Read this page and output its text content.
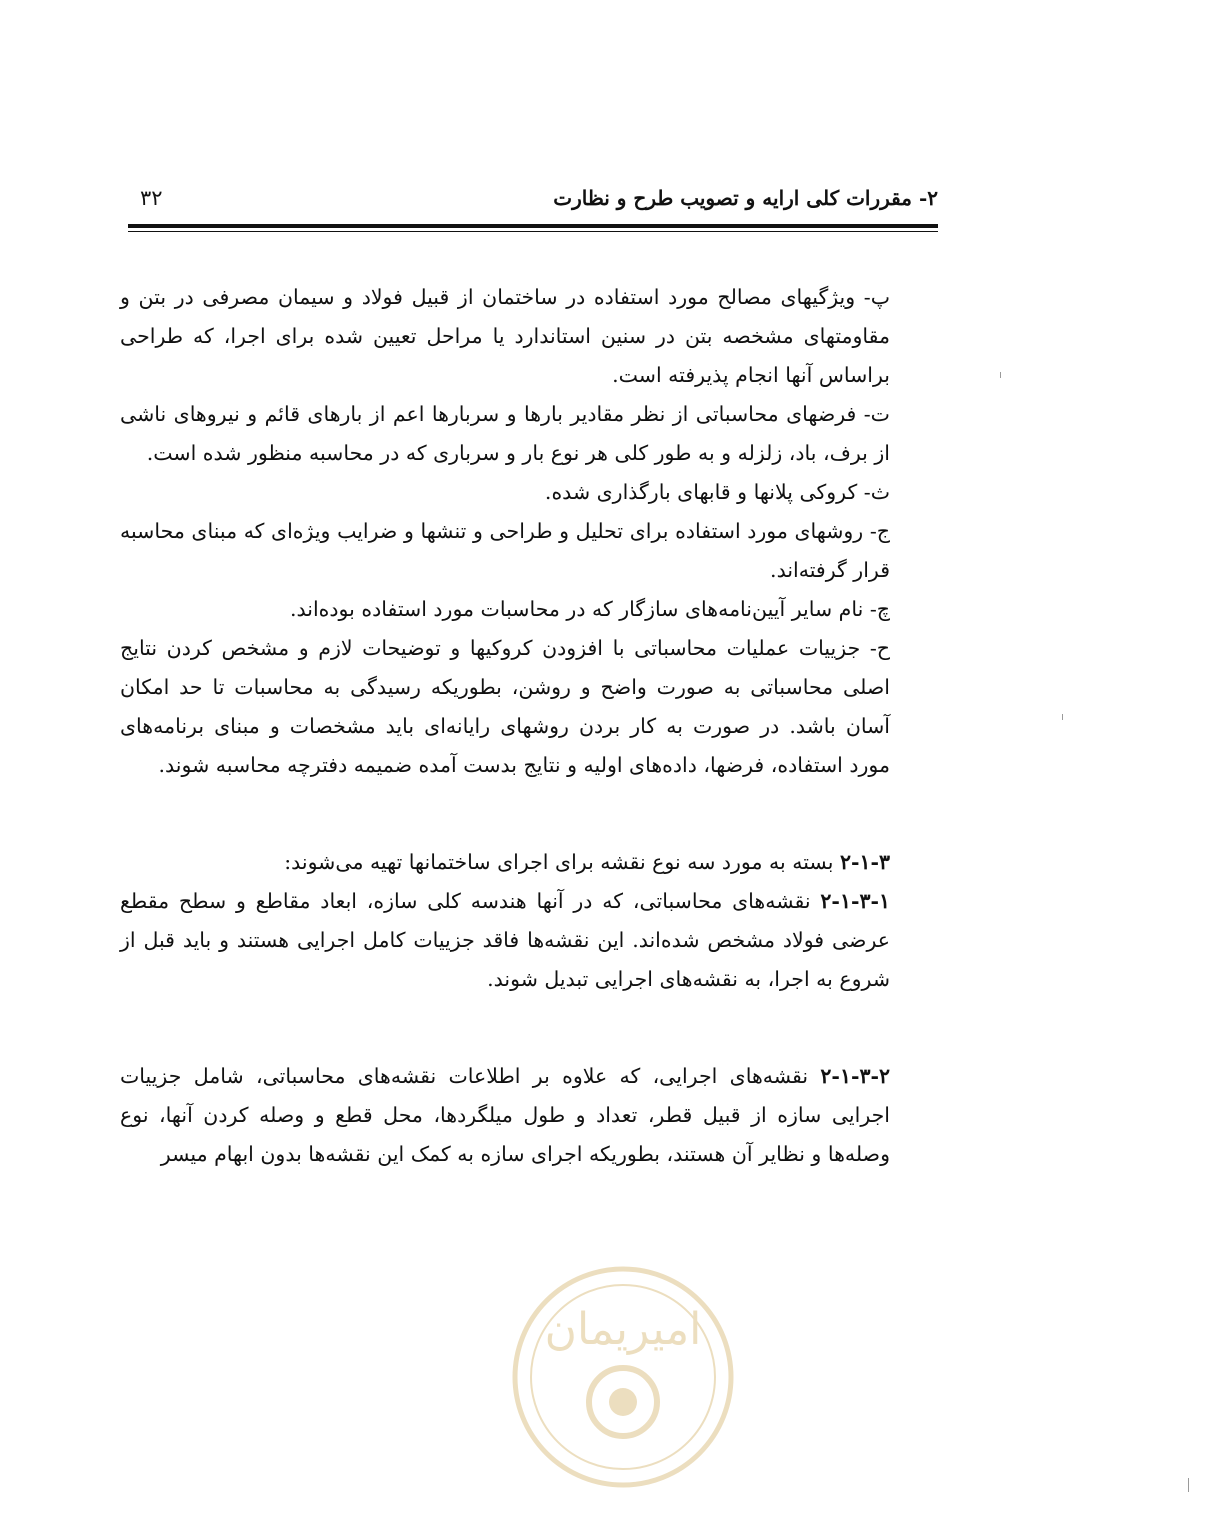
۲- مقررات کلی ارایه و تصویب طرح و نظارت
۳۲

پ- ویژگیهای مصالح مورد استفاده در ساختمان از قبیل فولاد و سیمان مصرفی در بتن و مقاومتهای مشخصه بتن در سنین استاندارد یا مراحل تعیین شده برای اجرا، که طراحی براساس آنها انجام پذیرفته است.

ت- فرضهای محاسباتی از نظر مقادیر بارها و سربارها اعم از بارهای قائم و نیروهای ناشی از برف، باد، زلزله و به طور کلی هر نوع بار و سرباری که در محاسبه منظور شده است.

ث- کروکی پلانها و قابهای بارگذاری شده.

ج- روشهای مورد استفاده برای تحلیل و طراحی و تنشها و ضرایب ویژه‌ای که مبنای محاسبه قرار گرفته‌اند.

چ- نام سایر آیین‌نامه‌های سازگار که در محاسبات مورد استفاده بوده‌اند.

ح- جزییات عملیات محاسباتی با افزودن کروکیها و توضیحات لازم و مشخص کردن نتایج اصلی محاسباتی به صورت واضح و روشن، بطوریکه رسیدگی به محاسبات تا حد امکان آسان باشد. در صورت به کار بردن روشهای رایانه‌ای باید مشخصات و مبنای برنامه‌های مورد استفاده، فرضها، داده‌های اولیه و نتایج بدست آمده ضمیمه دفترچه محاسبه شوند.

۲-۱-۳ بسته به مورد سه نوع نقشه برای اجرای ساختمانها تهیه می‌شوند:

۲-۱-۳-۱ نقشه‌های محاسباتی، که در آنها هندسه کلی سازه، ابعاد مقاطع و سطح مقطع عرضی فولاد مشخص شده‌اند. این نقشه‌ها فاقد جزییات کامل اجرایی هستند و باید قبل از شروع به اجرا، به نقشه‌های اجرایی تبدیل شوند.

۲-۱-۳-۲ نقشه‌های اجرایی، که علاوه بر اطلاعات نقشه‌های محاسباتی، شامل جزییات اجرایی سازه از قبیل قطر، تعداد و طول میلگردها، محل قطع و وصله کردن آنها، نوع وصله‌ها و نظایر آن هستند، بطوریکه اجرای سازه به کمک این نقشه‌ها بدون ابهام میسر

امیریمان
